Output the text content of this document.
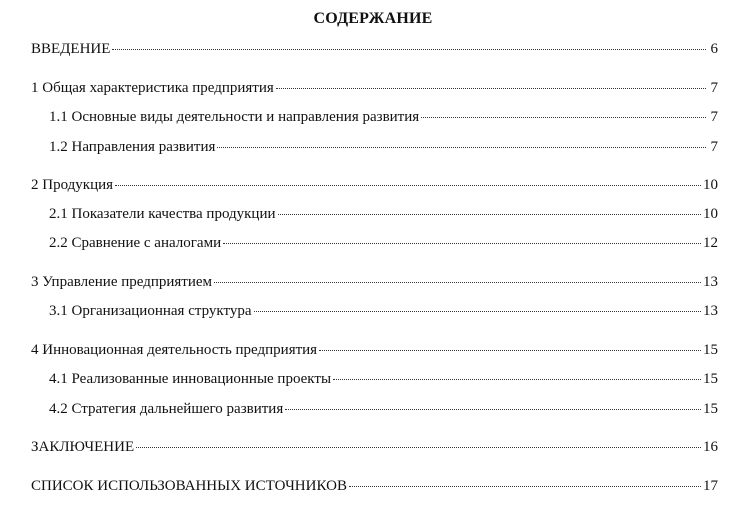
СОДЕРЖАНИЕ
ВВЕДЕНИЕ	6
1 Общая характеристика предприятия	7
1.1 Основные виды деятельности и направления развития	7
1.2 Направления развития	7
2 Продукция	10
2.1 Показатели качества продукции	10
2.2 Сравнение с аналогами	12
3 Управление предприятием	13
3.1 Организационная структура	13
4 Инновационная деятельность предприятия	15
4.1 Реализованные инновационные проекты	15
4.2 Стратегия дальнейшего развития	15
ЗАКЛЮЧЕНИЕ	16
СПИСОК ИСПОЛЬЗОВАННЫХ ИСТОЧНИКОВ	17
